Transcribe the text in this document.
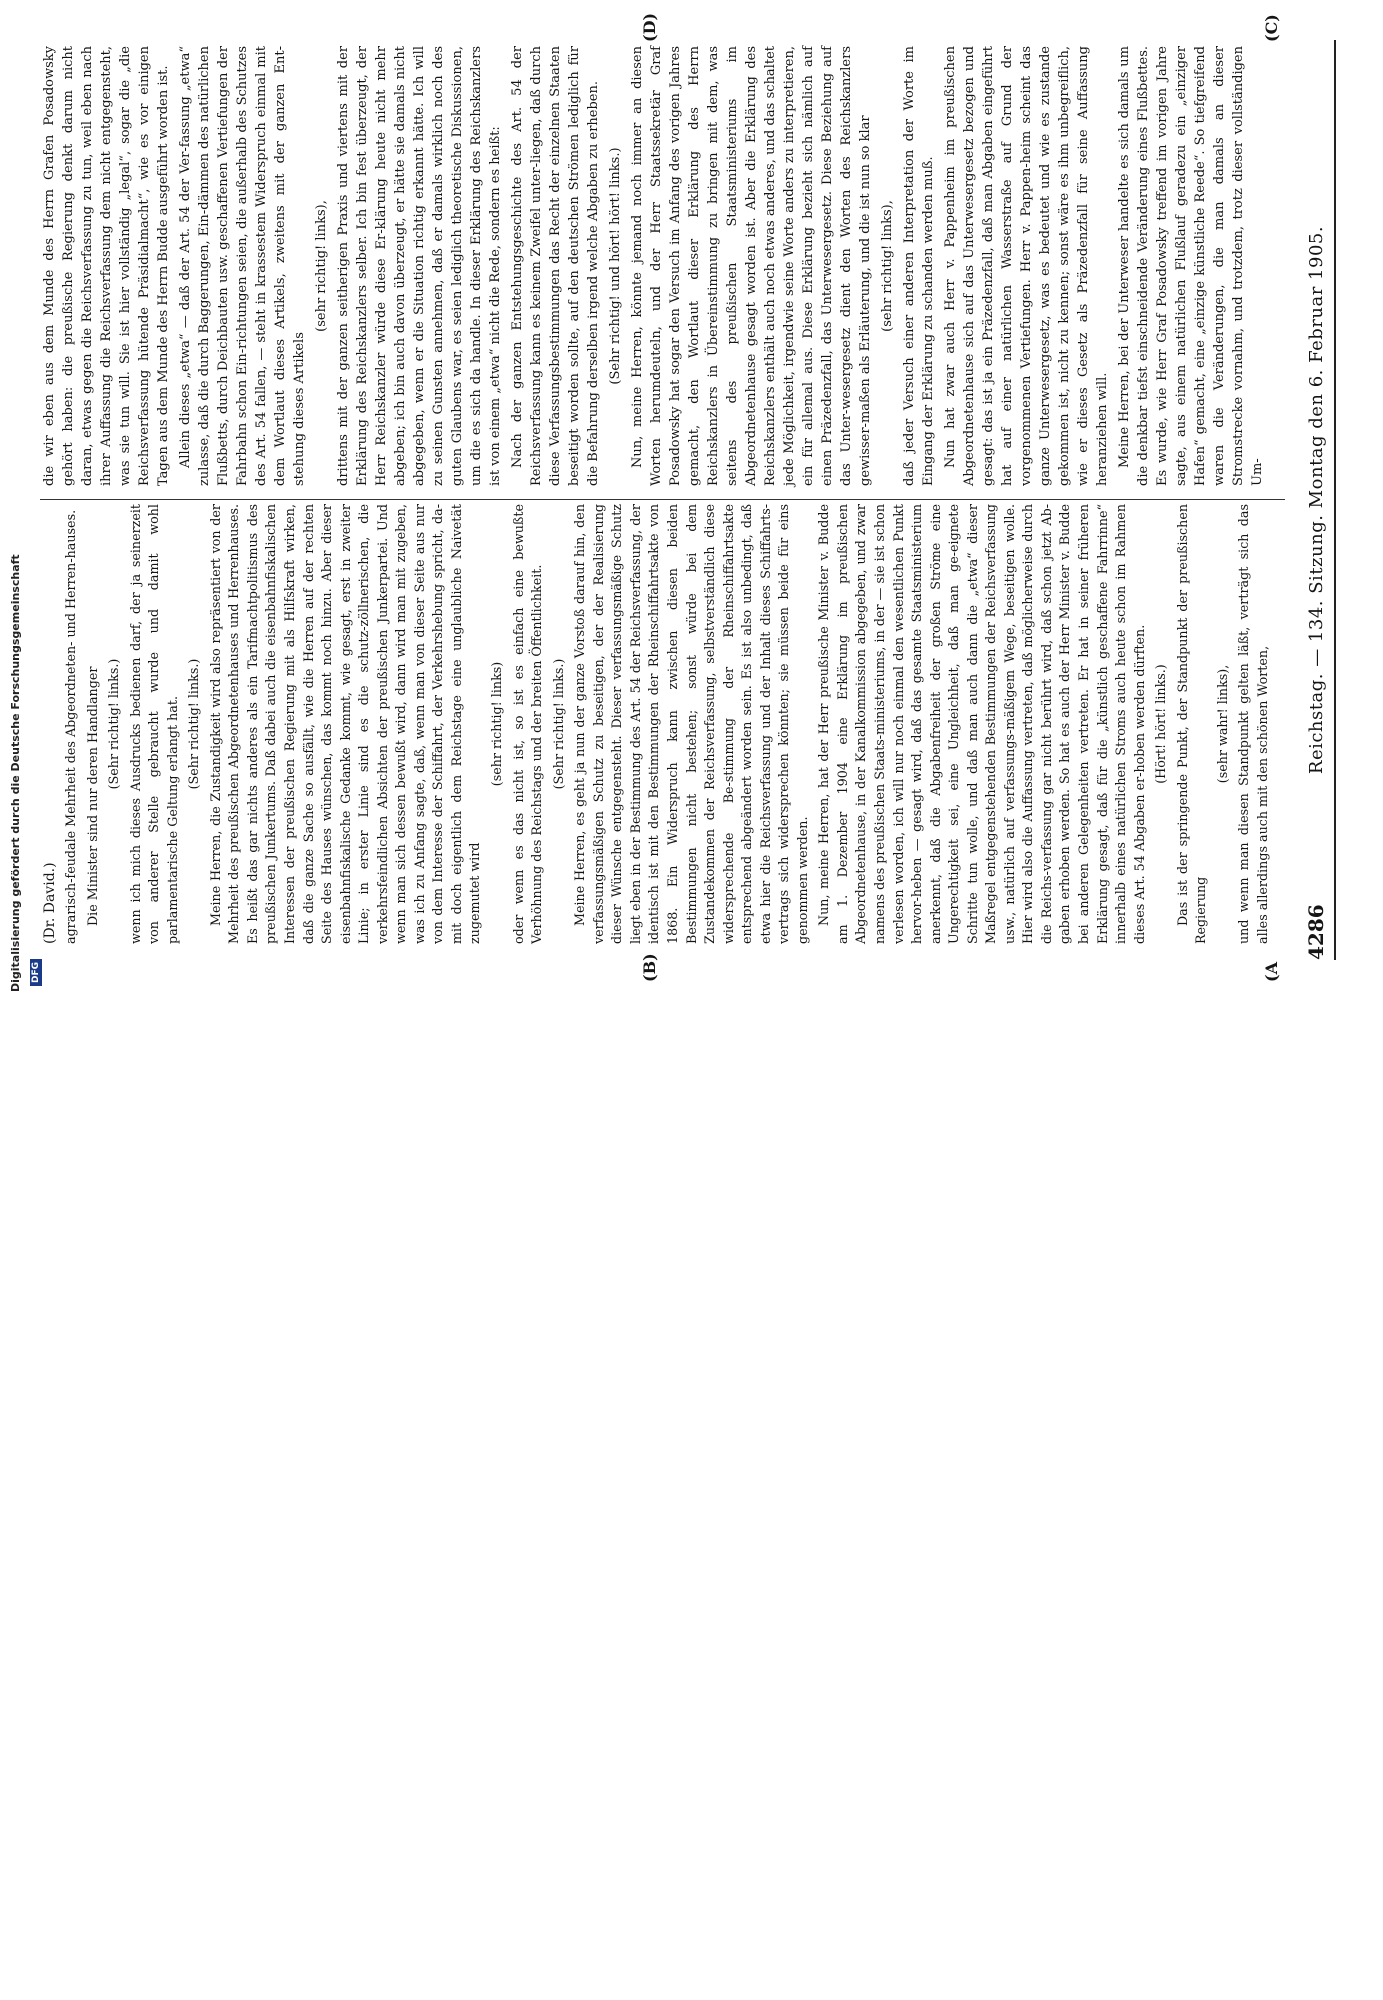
4286
Reichstag. — 134. Sitzung. Montag den 6. Februar 1905.
(A
(B)
(C)
(D)
(Dr. David.) agrarisch-feudale Mehrheit des Abgeordneten- und Herren-hauses. Die Minister sind nur deren Handlanger (Sehr richtig! links.) wenn ich mich dieses Ausdrucks bedienen darf, der ja seinerzeit von anderer Stelle gebraucht wurde und damit wohl parlamentarische Geltung erlangt hat. (Sehr richtig! links.) Meine Herren, die Zustandigkeit wird also repräsentiert von der Mehrheit des preußischen Abgeordnetenhauses und Herrenhauses. Es heißt das gar nichts anderes als ein Tarifmachtpolitismus des preußischen Junkertums. Daß dabei auch die eisenbahnfiskalischen Interessen der preußischen Regierung mit als Hilfskraft wirken, daß die ganze Sache so ausfällt, wie die Herren auf der rechten Seite des Hauses wünschen, das kommt noch hinzu. Aber dieser eisenbahnfiskalische Gedanke kommt, wie gesagt, erst in zweiter Linie; in erster Linie sind es die schutz-zöllnerischen, die verkehrsfeindlichen Absichten der preußischen Junkerpartei. Und wenn man sich dessen bewußt wird, dann wird man mit zugeben, was ich zu Anfang sagte, daß, wenn man von dieser Seite aus nur von dem Interesse der Schiffahrt, der Verkehrshebung spricht, da-mit doch eigentlich dem Reichstage eine unglaubliche Naivetät zugemutet wird
(sehr richtig! links) oder wenn es das nicht ist, so ist es einfach eine bewußte Verhöhnung des Reichstags und der breiten Öffentlichkeit. (Sehr richtig! links.) Meine Herren, es geht ja nun der ganze Vorstoß darauf hin, den verfassungsmäßigen Schutz zu beseitigen, der der Realisierung dieser Wünsche entgegensteht. Dieser verfassungsmäßige Schutz liegt eben in der Bestimmung des Art. 54 der Reichsverfassung, der identisch ist mit den Bestimmungen der Rheinschiffahrtsakte von 1868. Ein Widerspruch kann zwischen diesen beiden Bestimmungen nicht bestehen; sonst würde bei dem Zustandekommen der Reichsverfassung, selbstverständlich diese widersprechende Be-stimmung der Rheinschiffahrtsakte entsprechend abgeändert worden sein. Es ist also unbedingt, daß etwa hier die Reichsverfassung und der Inhalt dieses Schiffahrts-vertrags sich widersprechen könnten; sie müssen beide für eins genommen werden. Nun, meine Herren, hat der Herr preußische Minister v. Budde am 1. Dezember 1904 eine Erklärung im preußischen Abgeordnetenhause, in der Kanalkommission abgegeben, und zwar namens des preußischen Staats-ministeriums, in der — sie ist schon verlesen worden, ich will nur noch einmal den wesentlichen Punkt hervor-heben — gesagt wird, daß das gesamte Staatsministerium anerkennt, daß die Abgabenfreiheit der großen Ströme eine Ungerechtigkeit sei, eine Ungleichheit, daß man ge-eignete Schritte tun wolle, und daß man auch dann die „etwa“ dieser Maßregel entgegenstehenden Bestimmungen der Reichsverfassung usw., natürlich auf verfassungs-mäßigem Wege, beseitigen wolle. Hier wird also die Auffassung vertreten, daß möglicherweise durch die Reichs-verfassung gar nicht berührt wird, daß schon jetzt Ab-gaben erhoben werden. So hat es auch der Herr Minister v. Budde bei anderen Gelegenheiten vertreten. Er hat in seiner früheren Erklärung gesagt, daß für die „künstlich geschaffene Fahrrinne“ innerhalb eines natürlichen Stroms auch heute schon im Rahmen dieses Art. 54 Abgaben er-hoben werden dürften. (Hört! hört! links.) Das ist der springende Punkt, der Standpunkt der preußischen Regierung
(sehr wahr! links), und wenn man diesen Standpunkt gelten läßt, verträgt sich das alles allerdings auch mit den schönen Worten,
die wir eben aus dem Munde des Herrn Grafen Posadowsky gehört haben: die preußische Regierung denkt darum nicht daran, etwas gegen die Reichsverfassung zu tun, weil eben nach ihrer Auffassung die Reichsverfassung dem nicht entgegensteht, was sie tun will. Sie ist hier vollständig „legal“, sogar die „die Reichsverfassung hütende Präsidialmacht“, wie es vor einigen Tagen aus dem Munde des Herrn Budde ausgeführt worden ist. Allein dieses „etwa“ — daß der Art. 54 der Ver-fassung „etwa“ zulasse, daß die durch Baggerungen, Ein-dämmen des natürlichen Flußbetts, durch Deichbauten usw. geschaffenen Vertiefungen der Fahrbahn schon Ein-richtungen seien, die außerhalb des Schutzes des Art. 54 fallen, — steht in krassestem Widerspruch einmal mit dem Wortlaut dieses Artikels, zweitens mit der ganzen Ent-stehung dieses Artikels
(sehr richtig! links), drittens mit der ganzen seitherigen Praxis und viertens mit der Erklärung des Reichskanzlers selber. Ich bin fest überzeugt, der Herr Reichskanzler würde diese Er-klärung heute nicht mehr abgeben; ich bin auch davon überzeugt, er hätte sie damals nicht abgegeben, wenn er die Situation richtig erkannt hätte. Ich will zu seinen Gunsten annehmen, daß er damals wirklich noch des guten Glaubens war, es seien lediglich theoretische Diskussionen, um die es sich da handle. In dieser Erklärung des Reichskanzlers ist von einem „etwa“ nicht die Rede, sondern es heißt: Nach der ganzen Entstehungsgeschichte des Art. 54 der Reichsverfassung kann es keinem Zweifel unter-liegen, daß durch diese Verfassungsbestimmungen das Recht der einzelnen Staaten beseitigt worden sollte, auf den deutschen Strömen lediglich für die Befahrung derselben irgend welche Abgaben zu erheben. (Sehr richtig! und hört! hört! links.) Nun, meine Herren, könnte jemand noch immer an diesen Worten herumdeuteln, und der Herr Staatssekretär Graf Posadowsky hat sogar den Versuch im Anfang des vorigen Jahres gemacht, den Wortlaut dieser Erklärung des Herrn Reichskanzlers in Übereinstimmung zu bringen mit dem, was seitens des preußischen Staatsministeriums im Abgeordnetenhause gesagt worden ist. Aber die Erklärung des Reichskanzlers enthält auch noch etwas anderes, und das schaltet jede Möglichkeit, irgendwie seine Worte anders zu interpretieren, ein für allemal aus. Diese Erklärung bezieht sich nämlich auf einen Präzedenzfall, das Unterwesergesetz. Diese Beziehung auf das Unter-wesergesetz dient den Worten des Reichskanzlers gewisser-maßen als Erläuterung, und die ist nun so klar (sehr richtig! links), daß jeder Versuch einer anderen Interpretation der Worte im Eingang der Erklärung zu schanden werden muß. Nun hat zwar auch Herr v. Pappenheim im preußischen Abgeordnetenhause sich auf das Unterwesergesetz bezogen und gesagt: das ist ja ein Präzedenzfall, daß man Abgaben eingeführt hat auf einer natürlichen Wasserstraße auf Grund der vorgenommenen Vertiefungen. Herr v. Pappen-heim scheint das ganze Unterwesergesetz, was es bedeutet und wie es zustande gekommen ist, nicht zu kennen; sonst wäre es ihm unbegreiflich, wie er dieses Gesetz als Präzedenzfall für seine Auffassung heranziehen will. Meine Herren, bei der Unterweser handelte es sich damals um die denkbar tiefst einschneidende Veränderung eines Flußbettes. Es wurde, wie Herr Graf Posadowsky treffend im vorigen Jahre sagte, aus einem natürlichen Flußlauf geradezu ein „einziger Hafen“ gemacht, eine „einzige künstliche Reede“. So tiefgreifend waren die Veränderungen, die man damals an dieser Stromstrecke vornahm, und trotzdem, trotz dieser vollständigen Um-
Digitalisierung gefördert durch die Deutsche Forschungsgemeinschaft DFG
